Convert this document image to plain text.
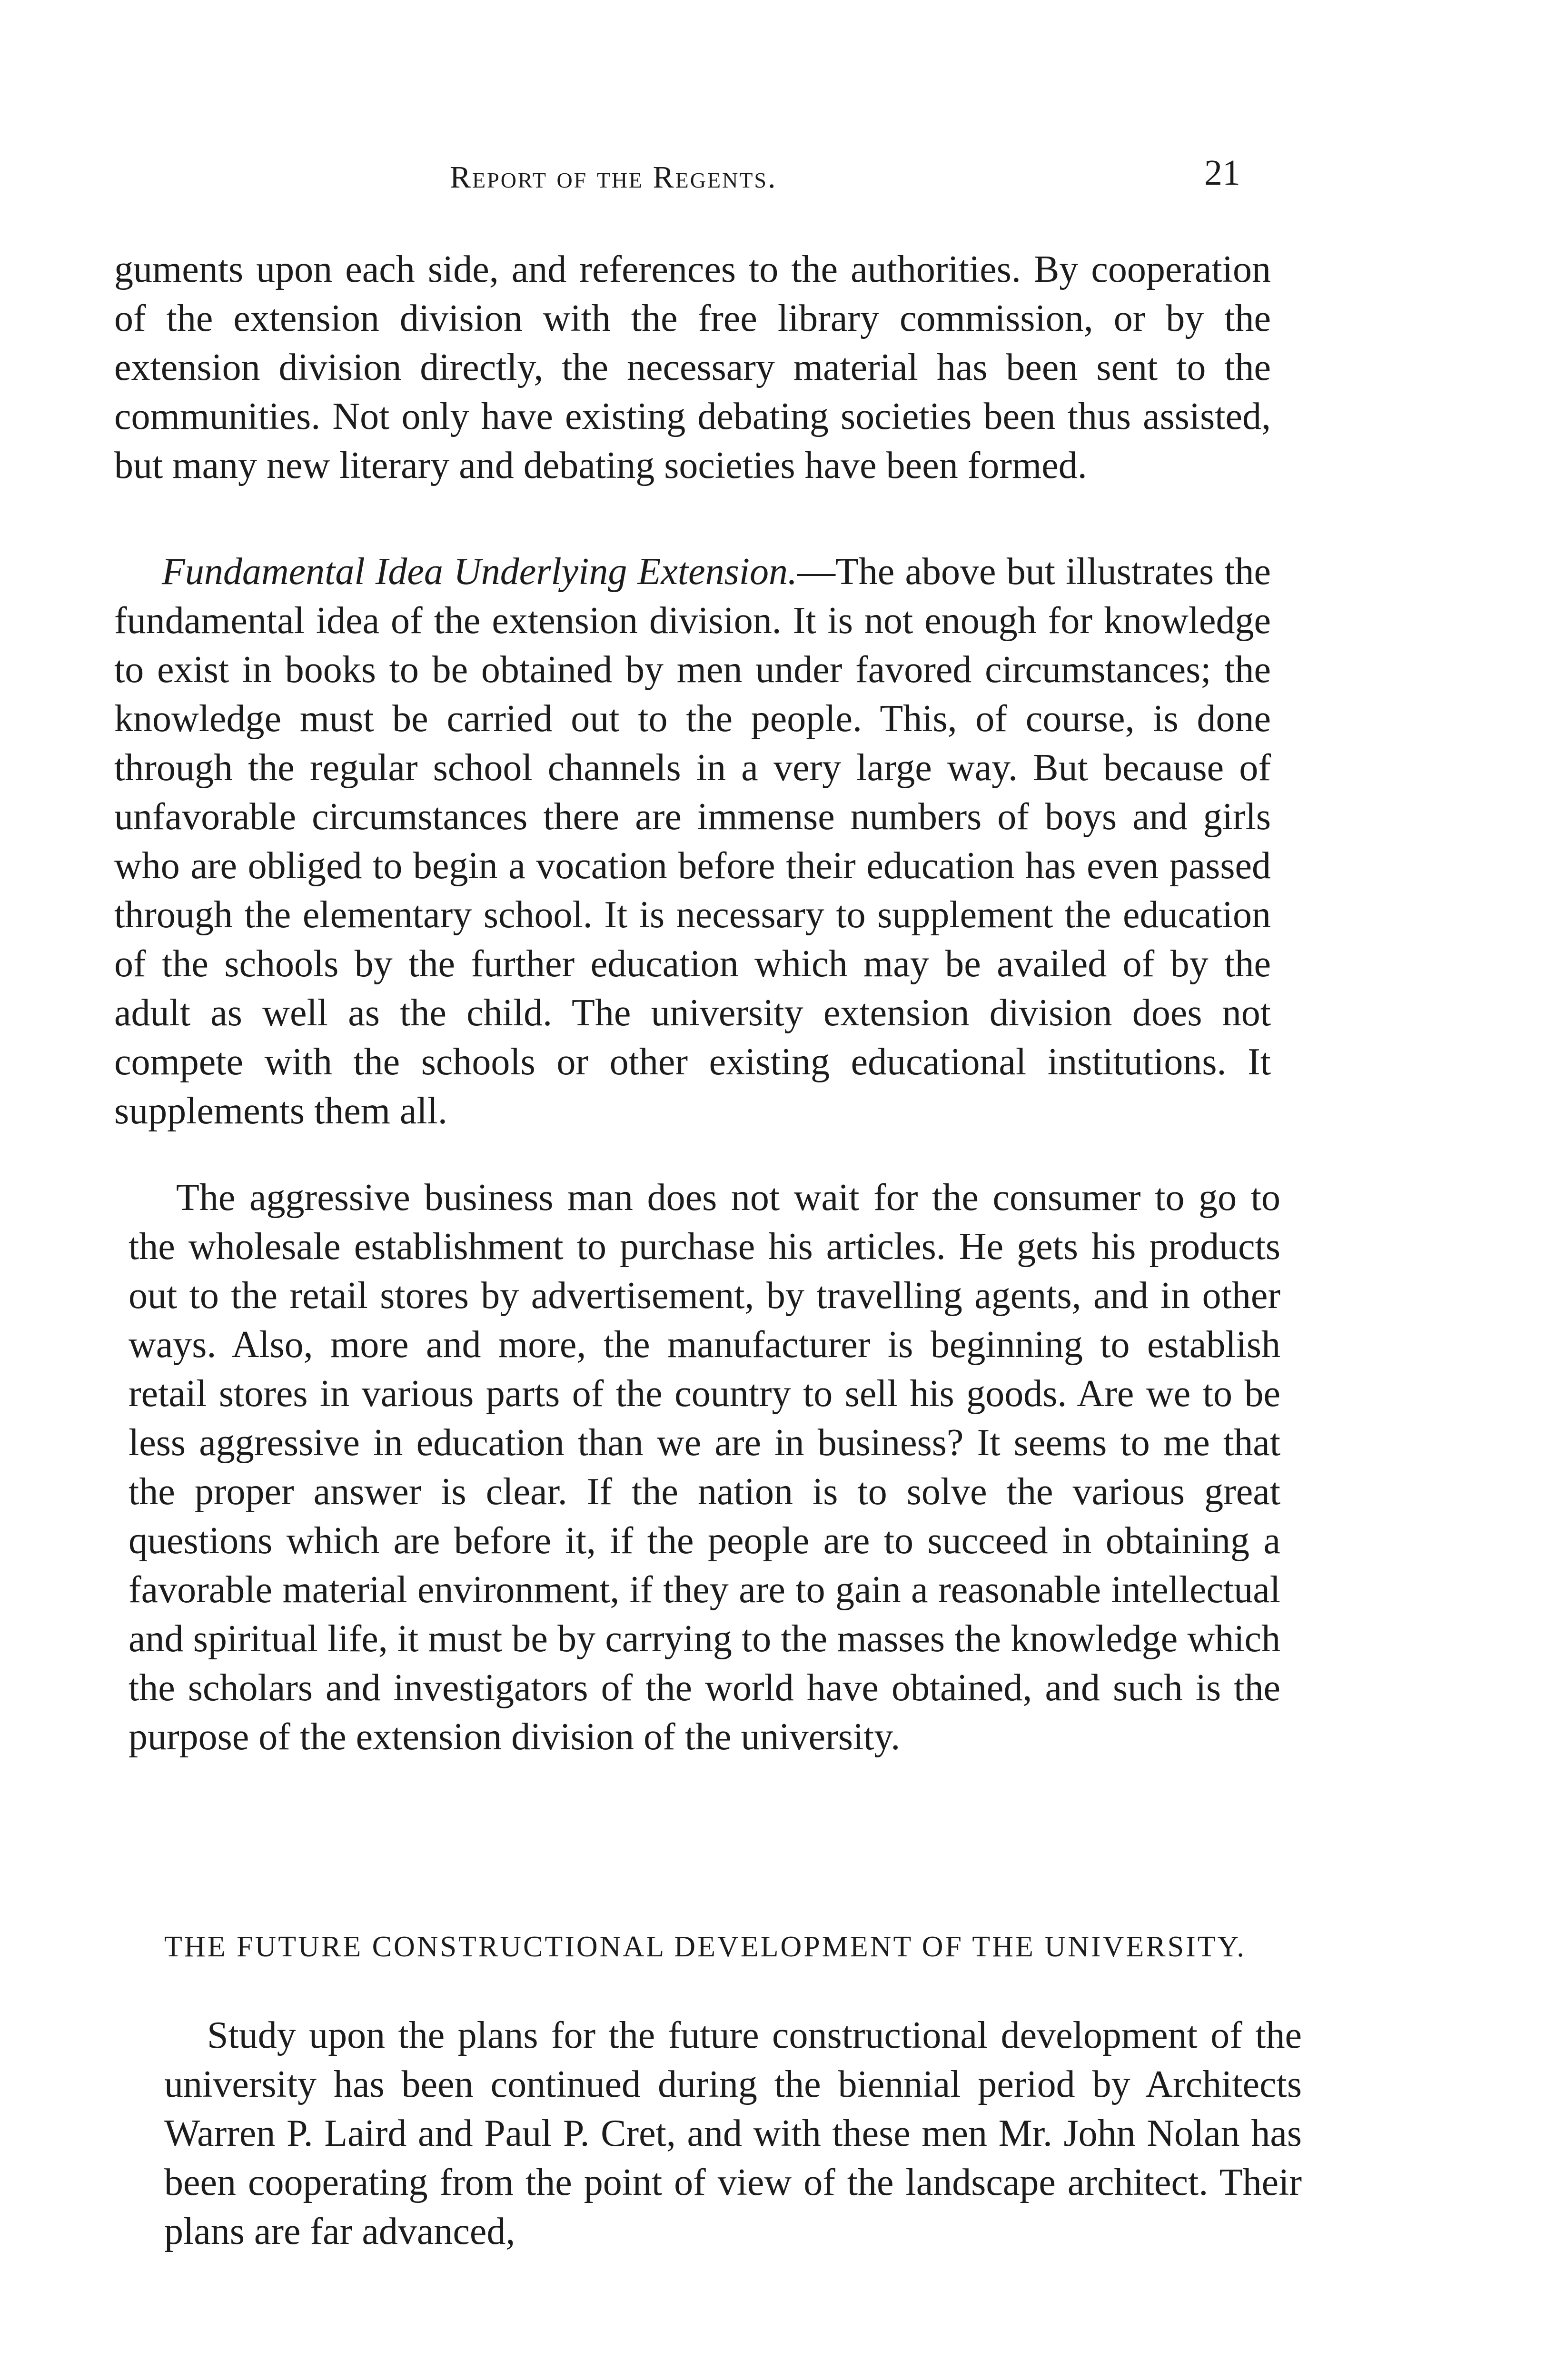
Report of the Regents.	21

guments upon each side, and references to the authorities. By cooperation of the extension division with the free library commission, or by the extension division directly, the necessary material has been sent to the communities. Not only have existing debating societies been thus assisted, but many new literary and debating societies have been formed.

Fundamental Idea Underlying Extension.—The above but illustrates the fundamental idea of the extension division. It is not enough for knowledge to exist in books to be obtained by men under favored circumstances; the knowledge must be carried out to the people. This, of course, is done through the regular school channels in a very large way. But because of unfavorable circumstances there are immense numbers of boys and girls who are obliged to begin a vocation before their education has even passed through the elementary school. It is necessary to supplement the education of the schools by the further education which may be availed of by the adult as well as the child. The university extension division does not compete with the schools or other existing educational institutions. It supplements them all.

The aggressive business man does not wait for the consumer to go to the wholesale establishment to purchase his articles. He gets his products out to the retail stores by advertisement, by travelling agents, and in other ways. Also, more and more, the manufacturer is beginning to establish retail stores in various parts of the country to sell his goods. Are we to be less aggressive in education than we are in business? It seems to me that the proper answer is clear. If the nation is to solve the various great questions which are before it, if the people are to succeed in obtaining a favorable material environment, if they are to gain a reasonable intellectual and spiritual life, it must be by carrying to the masses the knowledge which the scholars and investigators of the world have obtained, and such is the purpose of the extension division of the university.

THE FUTURE CONSTRUCTIONAL DEVELOPMENT OF THE UNIVERSITY.

Study upon the plans for the future constructional development of the university has been continued during the biennial period by Architects Warren P. Laird and Paul P. Cret, and with these men Mr. John Nolan has been cooperating from the point of view of the landscape architect. Their plans are far advanced,
